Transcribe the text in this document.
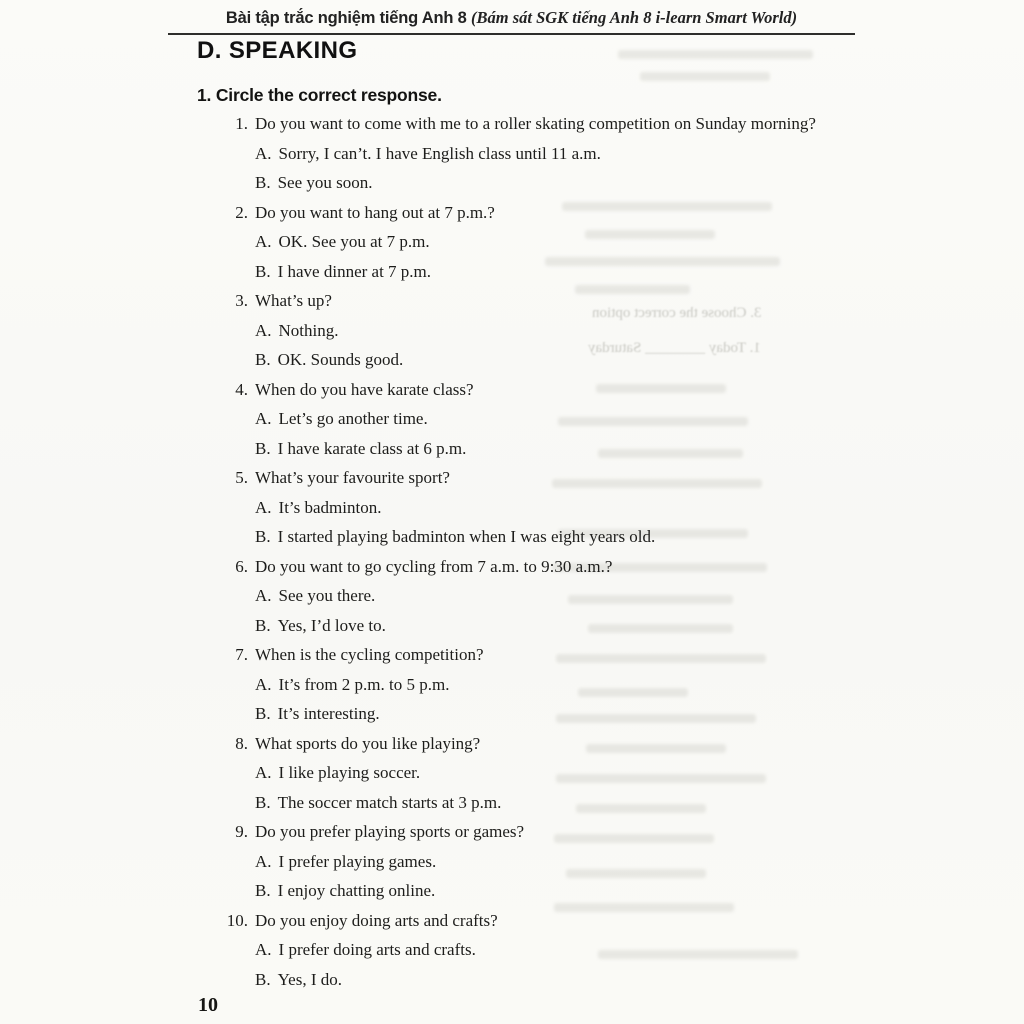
3. Choose the correct option
1. Today ________ Saturday
Bài tập trắc nghiệm tiếng Anh 8 (Bám sát SGK tiếng Anh 8 i-learn Smart World)
D. SPEAKING
1. Circle the correct response.
1. Do you want to come with me to a roller skating competition on Sunday morning?
A. Sorry, I can’t. I have English class until 11 a.m.
B. See you soon.
2. Do you want to hang out at 7 p.m.?
A. OK. See you at 7 p.m.
B. I have dinner at 7 p.m.
3. What’s up?
A. Nothing.
B. OK. Sounds good.
4. When do you have karate class?
A. Let’s go another time.
B. I have karate class at 6 p.m.
5. What’s your favourite sport?
A. It’s badminton.
B. I started playing badminton when I was eight years old.
6. Do you want to go cycling from 7 a.m. to 9:30 a.m.?
A. See you there.
B. Yes, I’d love to.
7. When is the cycling competition?
A. It’s from 2 p.m. to 5 p.m.
B. It’s interesting.
8. What sports do you like playing?
A. I like playing soccer.
B. The soccer match starts at 3 p.m.
9. Do you prefer playing sports or games?
A. I prefer playing games.
B. I enjoy chatting online.
10. Do you enjoy doing arts and crafts?
A. I prefer doing arts and crafts.
B. Yes, I do.
10
